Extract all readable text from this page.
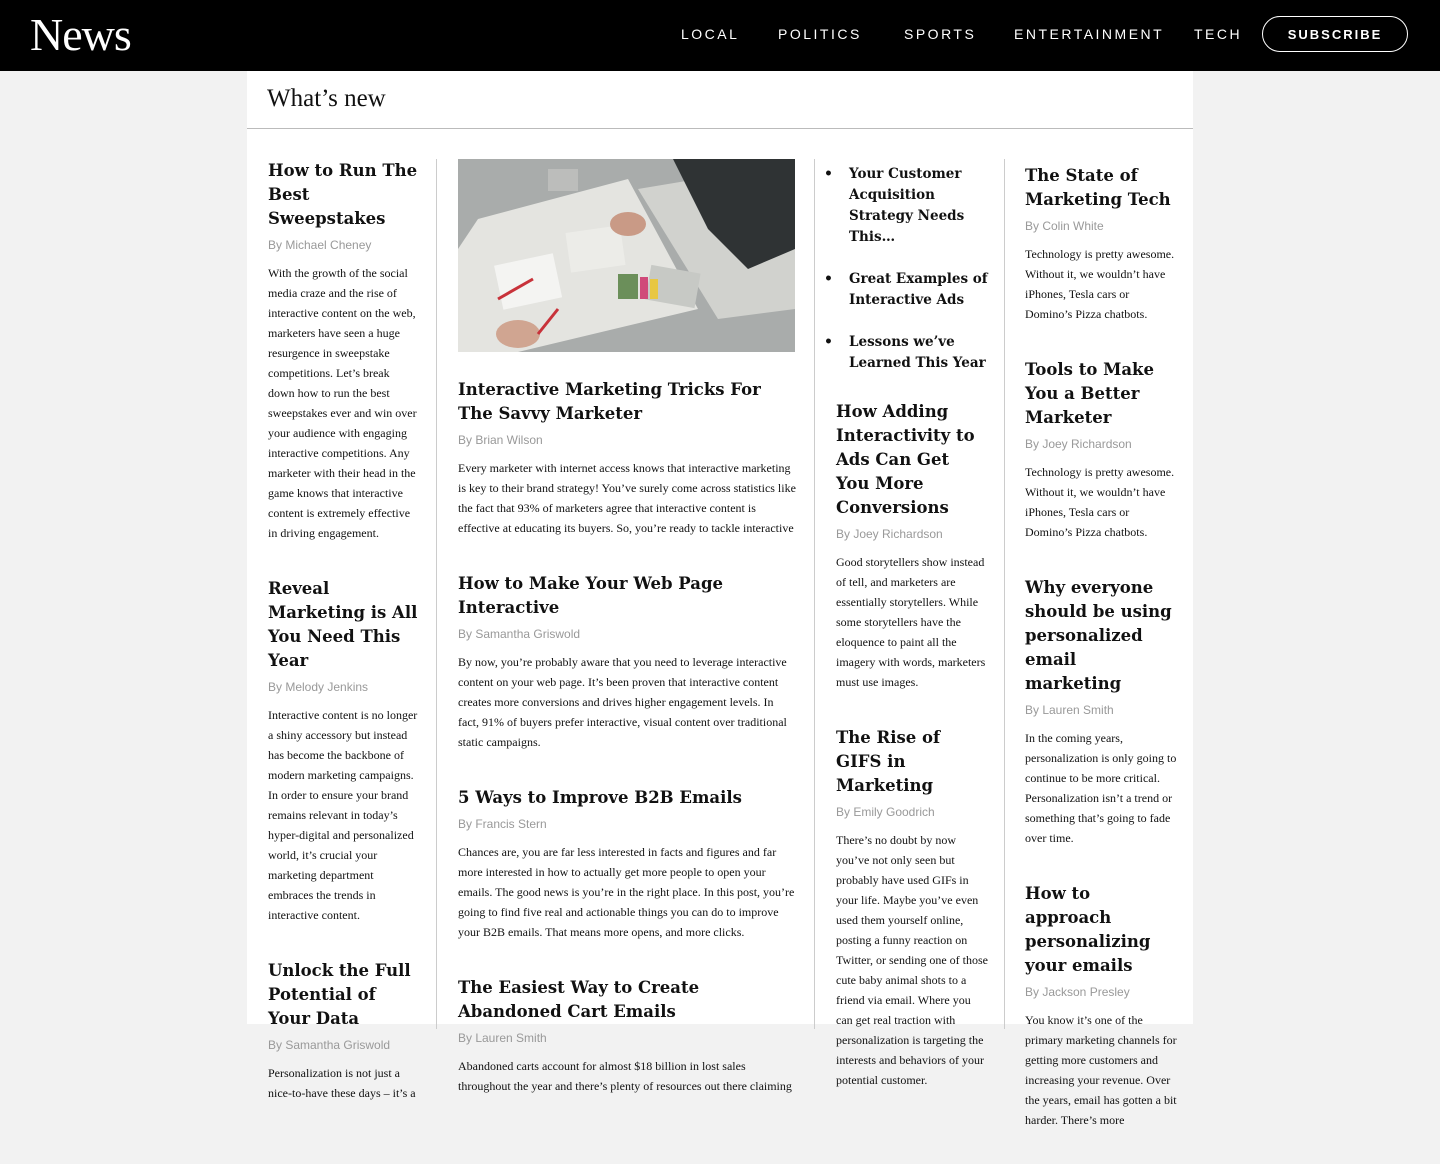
News	LOCAL	POLITICS	SPORTS	ENTERTAINMENT TECH	SUBSCRIBE
What’s new
How to Run The Best Sweepstakes
By Michael Cheney

With the growth of the social media craze and the rise of interactive content on the web, marketers have seen a huge resurgence in sweepstake competitions. Let’s break down how to run the best sweepstakes ever and win over your audience with engaging interactive competitions. Any marketer with their head in the game knows that interactive content is extremely effective in driving engagement.

Reveal Marketing is All You Need This Year
By Melody Jenkins

Interactive content is no longer a shiny accessory but instead has become the backbone of modern marketing campaigns. In order to ensure your brand remains relevant in today’s hyper-digital and personalized world, it’s crucial your marketing department embraces the trends in interactive content.

Unlock the Full Potential of Your Data
By Samantha Griswold

Personalization is not just a nice-to-have these days – it’s a

Interactive Marketing Tricks For The Savvy Marketer
By Brian Wilson

Every marketer with internet access knows that interactive marketing is key to their brand strategy! You’ve surely come across statistics like the fact that 93% of marketers agree that interactive content is effective at educating its buyers. So, you’re ready to tackle interactive

How to Make Your Web Page Interactive
By Samantha Griswold

By now, you’re probably aware that you need to leverage interactive content on your web page. It’s been proven that interactive content creates more conversions and drives higher engagement levels. In fact, 91% of buyers prefer interactive, visual content over traditional static campaigns.

5 Ways to Improve B2B Emails
By Francis Stern

Chances are, you are far less interested in facts and figures and far more interested in how to actually get more people to open your emails. The good news is you’re in the right place. In this post, you’re going to find five real and actionable things you can do to improve your B2B emails. That means more opens, and more clicks.

The Easiest Way to Create Abandoned Cart Emails
By Lauren Smith

Abandoned carts account for almost $18 billion in lost sales throughout the year and there’s plenty of resources out there claiming

• Your Customer Acquisition Strategy Needs This…
• Great Examples of Interactive Ads
• Lessons we’ve Learned This Year
How Adding Interactivity to Ads Can Get You More Conversions
By Joey Richardson

Good storytellers show instead of tell, and marketers are essentially storytellers. While some storytellers have the eloquence to paint all the imagery with words, marketers must use images.

The Rise of GIFS in Marketing
By Emily Goodrich

There’s no doubt by now you’ve not only seen but probably have used GIFs in your life. Maybe you’ve even used them yourself online, posting a funny reaction on Twitter, or sending one of those cute baby animal shots to a friend via email. Where you can get real traction with personalization is targeting the interests and behaviors of your potential customer.

The State of Marketing Tech
By Colin White

Technology is pretty awesome. Without it, we wouldn’t have iPhones, Tesla cars or Domino’s Pizza chatbots.

Tools to Make You a Better Marketer
By Joey Richardson

Technology is pretty awesome. Without it, we wouldn’t have iPhones, Tesla cars or Domino’s Pizza chatbots.

Why everyone should be using personalized email marketing
By Lauren Smith

In the coming years, personalization is only going to continue to be more critical. Personalization isn’t a trend or something that’s going to fade over time.

How to approach personalizing your emails
By Jackson Presley

You know it’s one of the primary marketing channels for getting more customers and increasing your revenue. Over the years, email has gotten a bit harder. There’s more
